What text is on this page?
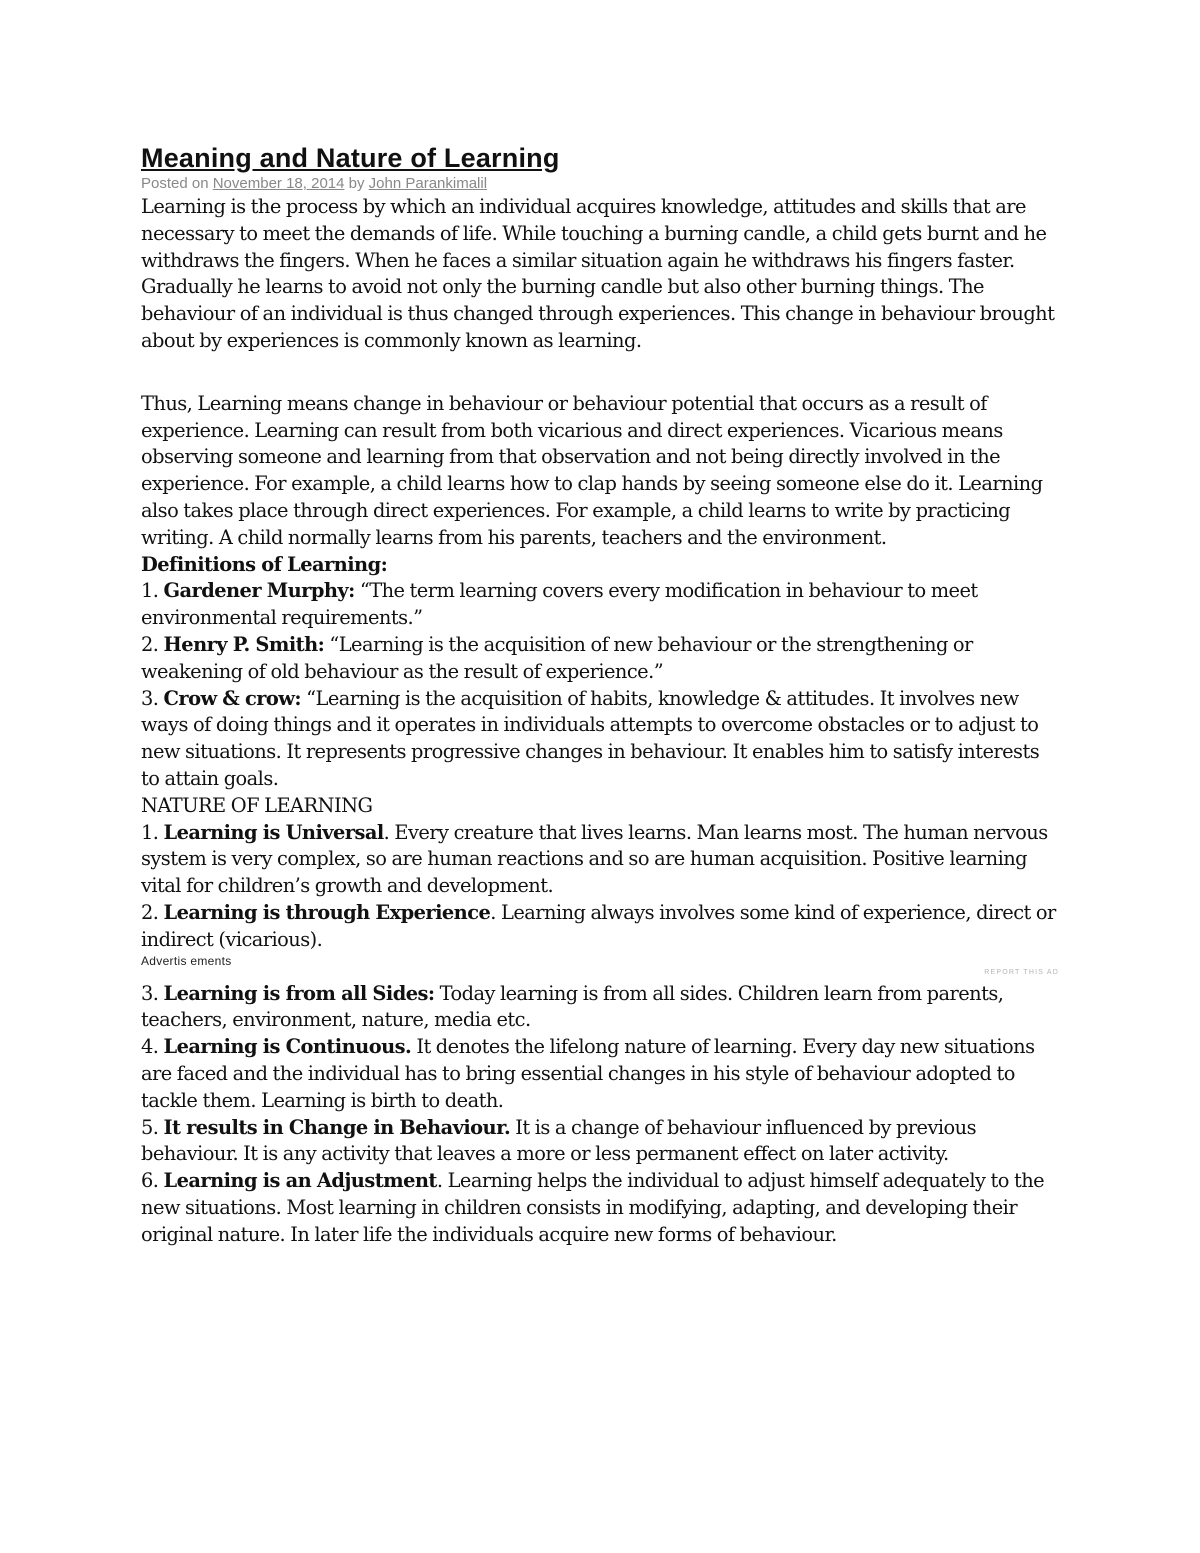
Meaning and Nature of Learning

Posted on November 18, 2014 by John Parankimalil

Learning is the process by which an individual acquires knowledge, attitudes and skills that are necessary to meet the demands of life. While touching a burning candle, a child gets burnt and he withdraws the fingers. When he faces a similar situation again he withdraws his fingers faster. Gradually he learns to avoid not only the burning candle but also other burning things. The behaviour of an individual is thus changed through experiences. This change in behaviour brought about by experiences is commonly known as learning.

Thus, Learning means change in behaviour or behaviour potential that occurs as a result of experience. Learning can result from both vicarious and direct experiences. Vicarious means observing someone and learning from that observation and not being directly involved in the experience. For example, a child learns how to clap hands by seeing someone else do it. Learning also takes place through direct experiences. For example, a child learns to write by practicing writing. A child normally learns from his parents, teachers and the environment.

Definitions of Learning:

1. Gardener Murphy: “The term learning covers every modification in behaviour to meet environmental requirements.”

2. Henry P. Smith: “Learning is the acquisition of new behaviour or the strengthening or weakening of old behaviour as the result of experience.”

3. Crow & crow: “Learning is the acquisition of habits, knowledge & attitudes. It involves new ways of doing things and it operates in individuals attempts to overcome obstacles or to adjust to new situations. It represents progressive changes in behaviour. It enables him to satisfy interests to attain goals.

NATURE OF LEARNING

1. Learning is Universal. Every creature that lives learns. Man learns most. The human nervous system is very complex, so are human reactions and so are human acquisition. Positive learning vital for children’s growth and development.

2. Learning is through Experience. Learning always involves some kind of experience, direct or indirect (vicarious).

Advertis ements

REPORT THIS AD

3. Learning is from all Sides: Today learning is from all sides. Children learn from parents, teachers, environment, nature, media etc.

4. Learning is Continuous. It denotes the lifelong nature of learning. Every day new situations are faced and the individual has to bring essential changes in his style of behaviour adopted to tackle them. Learning is birth to death.

5. It results in Change in Behaviour. It is a change of behaviour influenced by previous behaviour. It is any activity that leaves a more or less permanent effect on later activity.

6. Learning is an Adjustment. Learning helps the individual to adjust himself adequately to the new situations. Most learning in children consists in modifying, adapting, and developing their original nature. In later life the individuals acquire new forms of behaviour.
